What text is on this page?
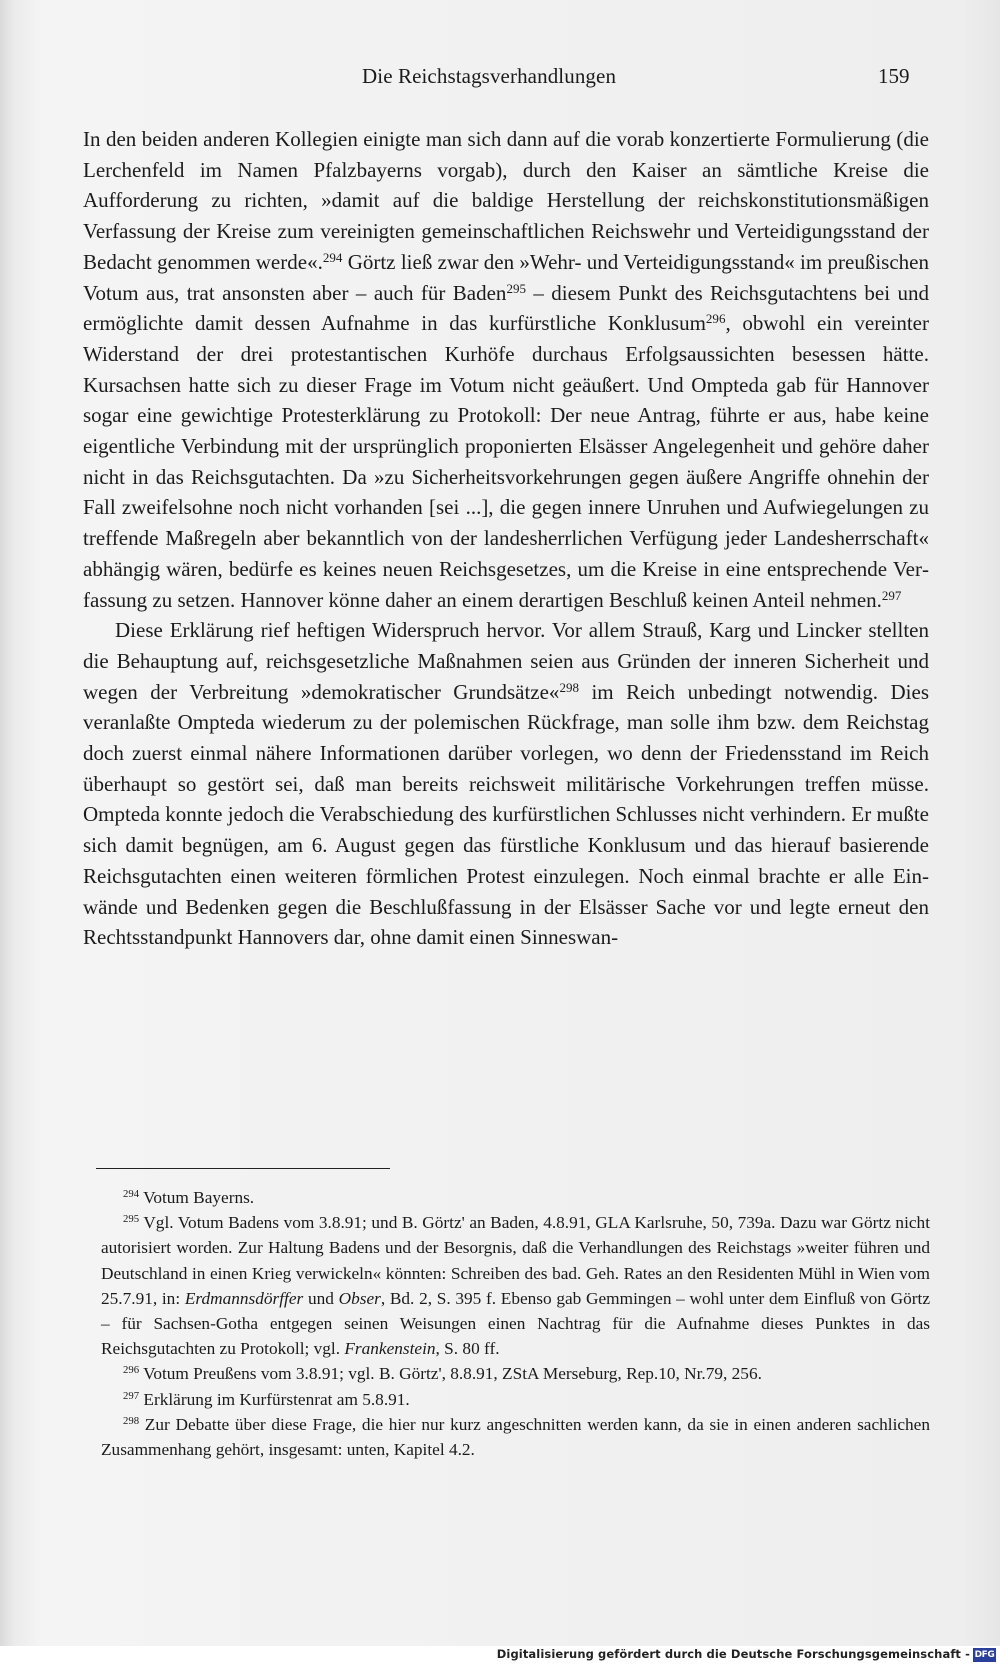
Die Reichstagsverhandlungen	159

In den beiden anderen Kollegien einigte man sich dann auf die vorab konzertierte Formulierung (die Lerchenfeld im Namen Pfalzbayerns vorgab), durch den Kaiser an sämtliche Kreise die Aufforderung zu richten, »damit auf die baldige Herstellung der reichskonstitutionsmäßigen Verfassung der Kreise zum vereinigten gemeinschaftlichen Reichswehr und Verteidigungsstand der Bedacht genommen werde«.$^{294}$ Görtz ließ zwar den »Wehr- und Verteidigungsstand« im preußischen Votum aus, trat ansonsten aber – auch für Baden$^{295}$ – diesem Punkt des Reichsgutachtens bei und ermöglichte damit dessen Aufnahme in das kurfürstliche Konklusum$^{296}$, obwohl ein vereinter Widerstand der drei protestantischen Kurhöfe durchaus Erfolgsaussichten besessen hätte. Kursachsen hatte sich zu dieser Frage im Votum nicht geäußert. Und Ompteda gab für Hannover sogar eine gewichtige Protesterklärung zu Protokoll: Der neue Antrag, führte er aus, habe keine eigentliche Verbindung mit der ursprünglich proponierten Elsässer Angelegenheit und gehöre daher nicht in das Reichsgutachten. Da »zu Sicherheitsvorkehrungen gegen äußere Angriffe ohnehin der Fall zweifelsohne noch nicht vorhanden [sei ...], die gegen innere Unruhen und Aufwiegelungen zu treffende Maßregeln aber bekanntlich von der landesherrlichen Verfügung jeder Landesherrschaft« abhängig wären, bedürfe es keines neuen Reichsgesetzes, um die Kreise in eine entsprechende Verfassung zu setzen. Hannover könne daher an einem derartigen Beschluß keinen Anteil nehmen.$^{297}$

Diese Erklärung rief heftigen Widerspruch hervor. Vor allem Strauß, Karg und Lincker stellten die Behauptung auf, reichsgesetzliche Maßnahmen seien aus Gründen der inneren Sicherheit und wegen der Verbreitung »demokratischer Grundsätze«$^{298}$ im Reich unbedingt notwendig. Dies veranlaßte Ompteda wiederum zu der polemischen Rückfrage, man solle ihm bzw. dem Reichstag doch zuerst einmal nähere Informationen darüber vorlegen, wo denn der Friedensstand im Reich überhaupt so gestört sei, daß man bereits reichsweit militärische Vorkehrungen treffen müsse. Ompteda konnte jedoch die Verabschiedung des kurfürstlichen Schlusses nicht verhindern. Er mußte sich damit begnügen, am 6. August gegen das fürstliche Konklusum und das hierauf basierende Reichsgutachten einen weiteren förmlichen Protest einzulegen. Noch einmal brachte er alle Einwände und Bedenken gegen die Beschlußfassung in der Elsässer Sache vor und legte erneut den Rechtsstandpunkt Hannovers dar, ohne damit einen Sinneswan-

$^{294}$ Votum Bayerns.

$^{295}$ Vgl. Votum Badens vom 3.8.91; und B. Görtz' an Baden, 4.8.91, GLA Karlsruhe, 50, 739a. Dazu war Görtz nicht autorisiert worden. Zur Haltung Badens und der Besorgnis, daß die Verhandlungen des Reichstags »weiter führen und Deutschland in einen Krieg verwickeln« könnten: Schreiben des bad. Geh. Rates an den Residenten Mühl in Wien vom 25.7.91, in: Erdmannsdörffer und Obser, Bd. 2, S. 395 f. Ebenso gab Gemmingen – wohl unter dem Einfluß von Görtz – für Sachsen-Gotha entgegen seinen Weisungen einen Nachtrag für die Aufnahme dieses Punktes in das Reichsgutachten zu Protokoll; vgl. Frankenstein, S. 80 ff.

$^{296}$ Votum Preußens vom 3.8.91; vgl. B. Görtz', 8.8.91, ZStA Merseburg, Rep.10, Nr.79, 256.

$^{297}$ Erklärung im Kurfürstenrat am 5.8.91.

$^{298}$ Zur Debatte über diese Frage, die hier nur kurz angeschnitten werden kann, da sie in einen anderen sachlichen Zusammenhang gehört, insgesamt: unten, Kapitel 4.2.

Digitalisierung gefördert durch die Deutsche Forschungsgemeinschaft - DFG
